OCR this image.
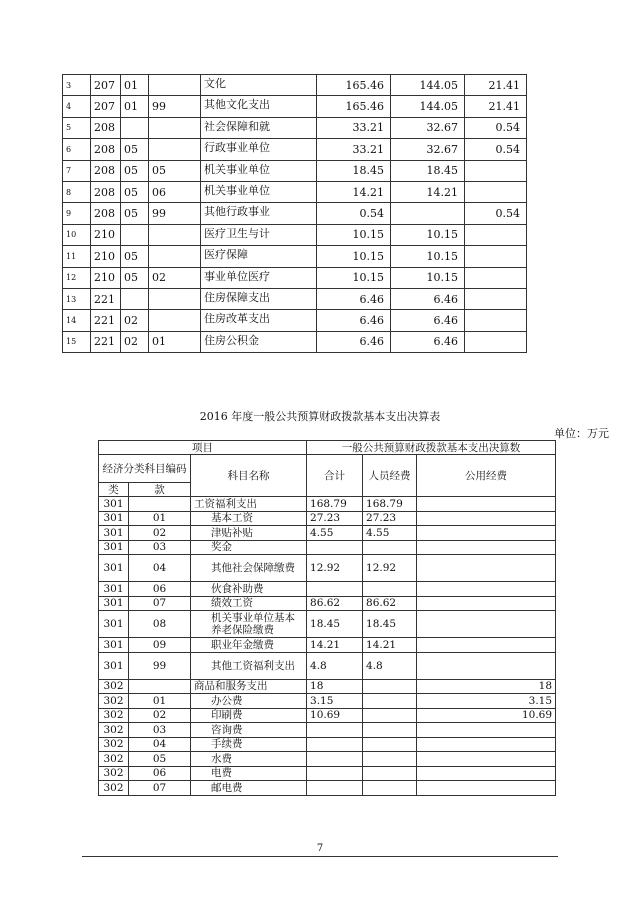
3	207	01		文化	165.46	144.05	21.41
4	207	01	99	其他文化支出	165.46	144.05	21.41
5	208			社会保障和就	33.21	32.67	0.54
6	208	05		行政事业单位	33.21	32.67	0.54
7	208	05	05	机关事业单位	18.45	18.45	
8	208	05	06	机关事业单位	14.21	14.21	
9	208	05	99	其他行政事业	0.54		0.54
10	210			医疗卫生与计	10.15	10.15	
11	210	05		医疗保障	10.15	10.15	
12	210	05	02	事业单位医疗	10.15	10.15	
13	221			住房保障支出	6.46	6.46	
14	221	02		住房改革支出	6.46	6.46	
15	221	02	01	住房公积金	6.46	6.46	
2016 年度一般公共预算财政拨款基本支出决算表
单位：万元
项目			一般公共预算财政拨款基本支出决算数		
经济分类科目编码		科目名称	合计	人员经费	公用经费
类	款				
301		工资福利支出	168.79	168.79	
301	01	基本工资	27.23	27.23	
301	02	津贴补贴	4.55	4.55	
301	03	奖金			
301	04	其他社会保障缴费	12.92	12.92	
301	06	伙食补助费			
301	07	绩效工资	86.62	86.62	
301	08	机关事业单位基本养老保险缴费	18.45	18.45	
301	09	职业年金缴费	14.21	14.21	
301	99	其他工资福利支出	4.8	4.8	
302		商品和服务支出	18		18
302	01	办公费	3.15		3.15
302	02	印刷费	10.69		10.69
302	03	咨询费			
302	04	手续费			
302	05	水费			
302	06	电费			
302	07	邮电费			
7
